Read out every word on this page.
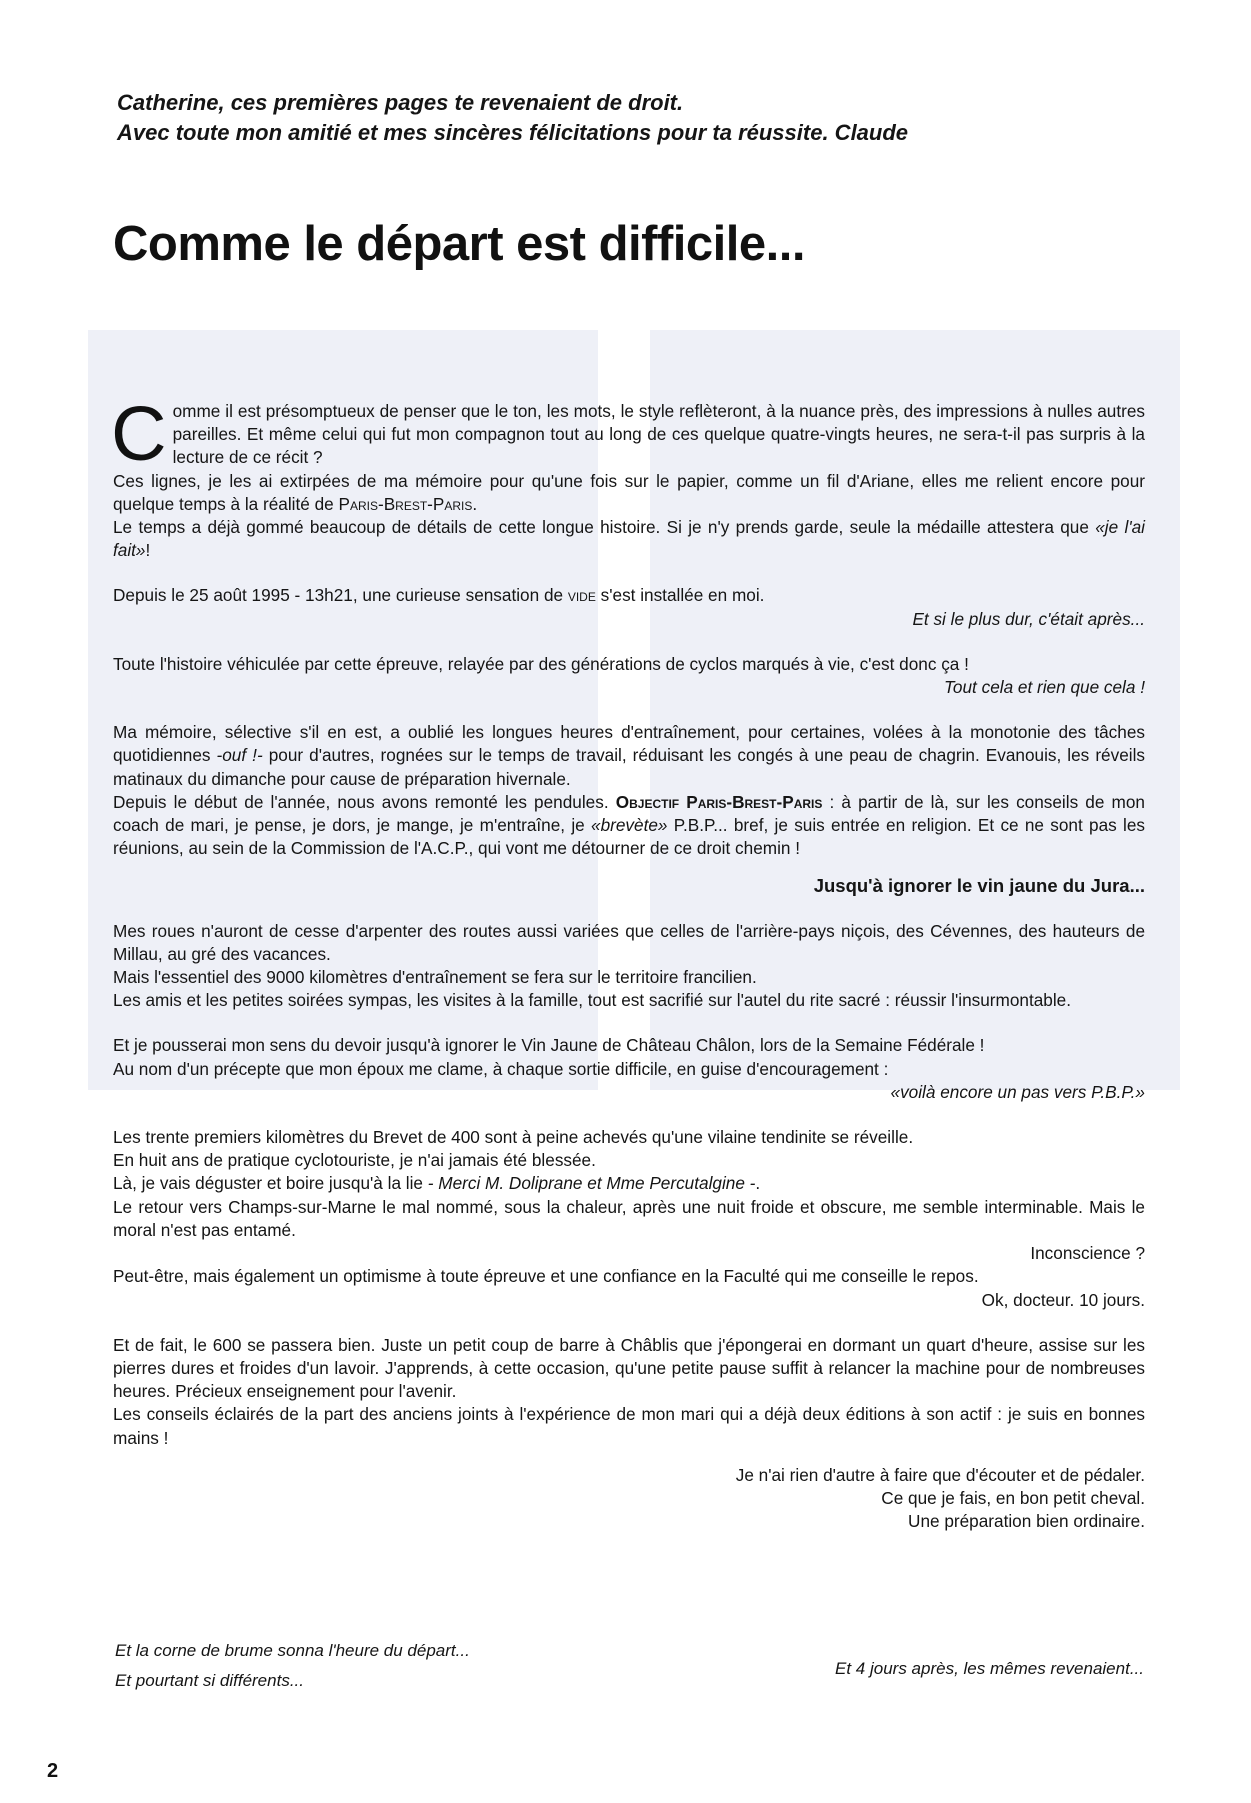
Catherine, ces premières pages te revenaient de droit.
Avec toute mon amitié et mes sincères félicitations pour ta réussite. Claude
Comme le départ est difficile...

Comme il est présomptueux de penser que le ton, les mots, le style reflèteront, à la nuance près, des impressions à nulles autres pareilles. Et même celui qui fut mon compagnon tout au long de ces quelque quatre-vingts heures, ne sera-t-il pas surpris à la lecture de ce récit ?

Ces lignes, je les ai extirpées de ma mémoire pour qu'une fois sur le papier, comme un fil d'Ariane, elles me relient encore pour quelque temps à la réalité de Paris-Brest-Paris.

Le temps a déjà gommé beaucoup de détails de cette longue histoire. Si je n'y prends garde, seule la médaille attestera que «je l'ai fait»!

Depuis le 25 août 1995 - 13h21, une curieuse sensation de vide s'est installée en moi.

Et si le plus dur, c'était après...

Toute l'histoire véhiculée par cette épreuve, relayée par des générations de cyclos marqués à vie, c'est donc ça !

Tout cela et rien que cela !

Ma mémoire, sélective s'il en est, a oublié les longues heures d'entraînement, pour certaines, volées à la monotonie des tâches quotidiennes -ouf !- pour d'autres, rognées sur le temps de travail, réduisant les congés à une peau de chagrin. Evanouis, les réveils matinaux du dimanche pour cause de préparation hivernale.

Depuis le début de l'année, nous avons remonté les pendules. Objectif Paris-Brest-Paris : à partir de là, sur les conseils de mon coach de mari, je pense, je dors, je mange, je m'entraîne, je «brevète» P.B.P... bref, je suis entrée en religion. Et ce ne sont pas les réunions, au sein de la Commission de l'A.C.P., qui vont me détourner de ce droit chemin !

Jusqu'à ignorer le vin jaune du Jura...

Mes roues n'auront de cesse d'arpenter des routes aussi variées que celles de l'arrière-pays niçois, des Cévennes, des hauteurs de Millau, au gré des vacances.

Mais l'essentiel des 9000 kilomètres d'entraînement se fera sur le territoire francilien.

Les amis et les petites soirées sympas, les visites à la famille, tout est sacrifié sur l'autel du rite sacré : réussir l'insurmontable.

Et je pousserai mon sens du devoir jusqu'à ignorer le Vin Jaune de Château Châlon, lors de la Semaine Fédérale !

Au nom d'un précepte que mon époux me clame, à chaque sortie difficile, en guise d'encouragement :

«voilà encore un pas vers P.B.P.»

Les trente premiers kilomètres du Brevet de 400 sont à peine achevés qu'une vilaine tendinite se réveille.

En huit ans de pratique cyclotouriste, je n'ai jamais été blessée.

Là, je vais déguster et boire jusqu'à la lie - Merci M. Doliprane et Mme Percutalgine -.

Le retour vers Champs-sur-Marne le mal nommé, sous la chaleur, après une nuit froide et obscure, me semble interminable. Mais le moral n'est pas entamé.

Inconscience ?

Peut-être, mais également un optimisme à toute épreuve et une confiance en la Faculté qui me conseille le repos.

Ok, docteur. 10 jours.

Et de fait, le 600 se passera bien. Juste un petit coup de barre à Châblis que j'épongerai en dormant un quart d'heure, assise sur les pierres dures et froides d'un lavoir. J'apprends, à cette occasion, qu'une petite pause suffit à relancer la machine pour de nombreuses heures. Précieux enseignement pour l'avenir.

Les conseils éclairés de la part des anciens joints à l'expérience de mon mari qui a déjà deux éditions à son actif : je suis en bonnes mains !

Je n'ai rien d'autre à faire que d'écouter et de pédaler.

Ce que je fais, en bon petit cheval.

Une préparation bien ordinaire.

Et la corne de brume sonna l'heure du départ...
Et pourtant si différents...
Et 4 jours après, les mêmes revenaient...
2
